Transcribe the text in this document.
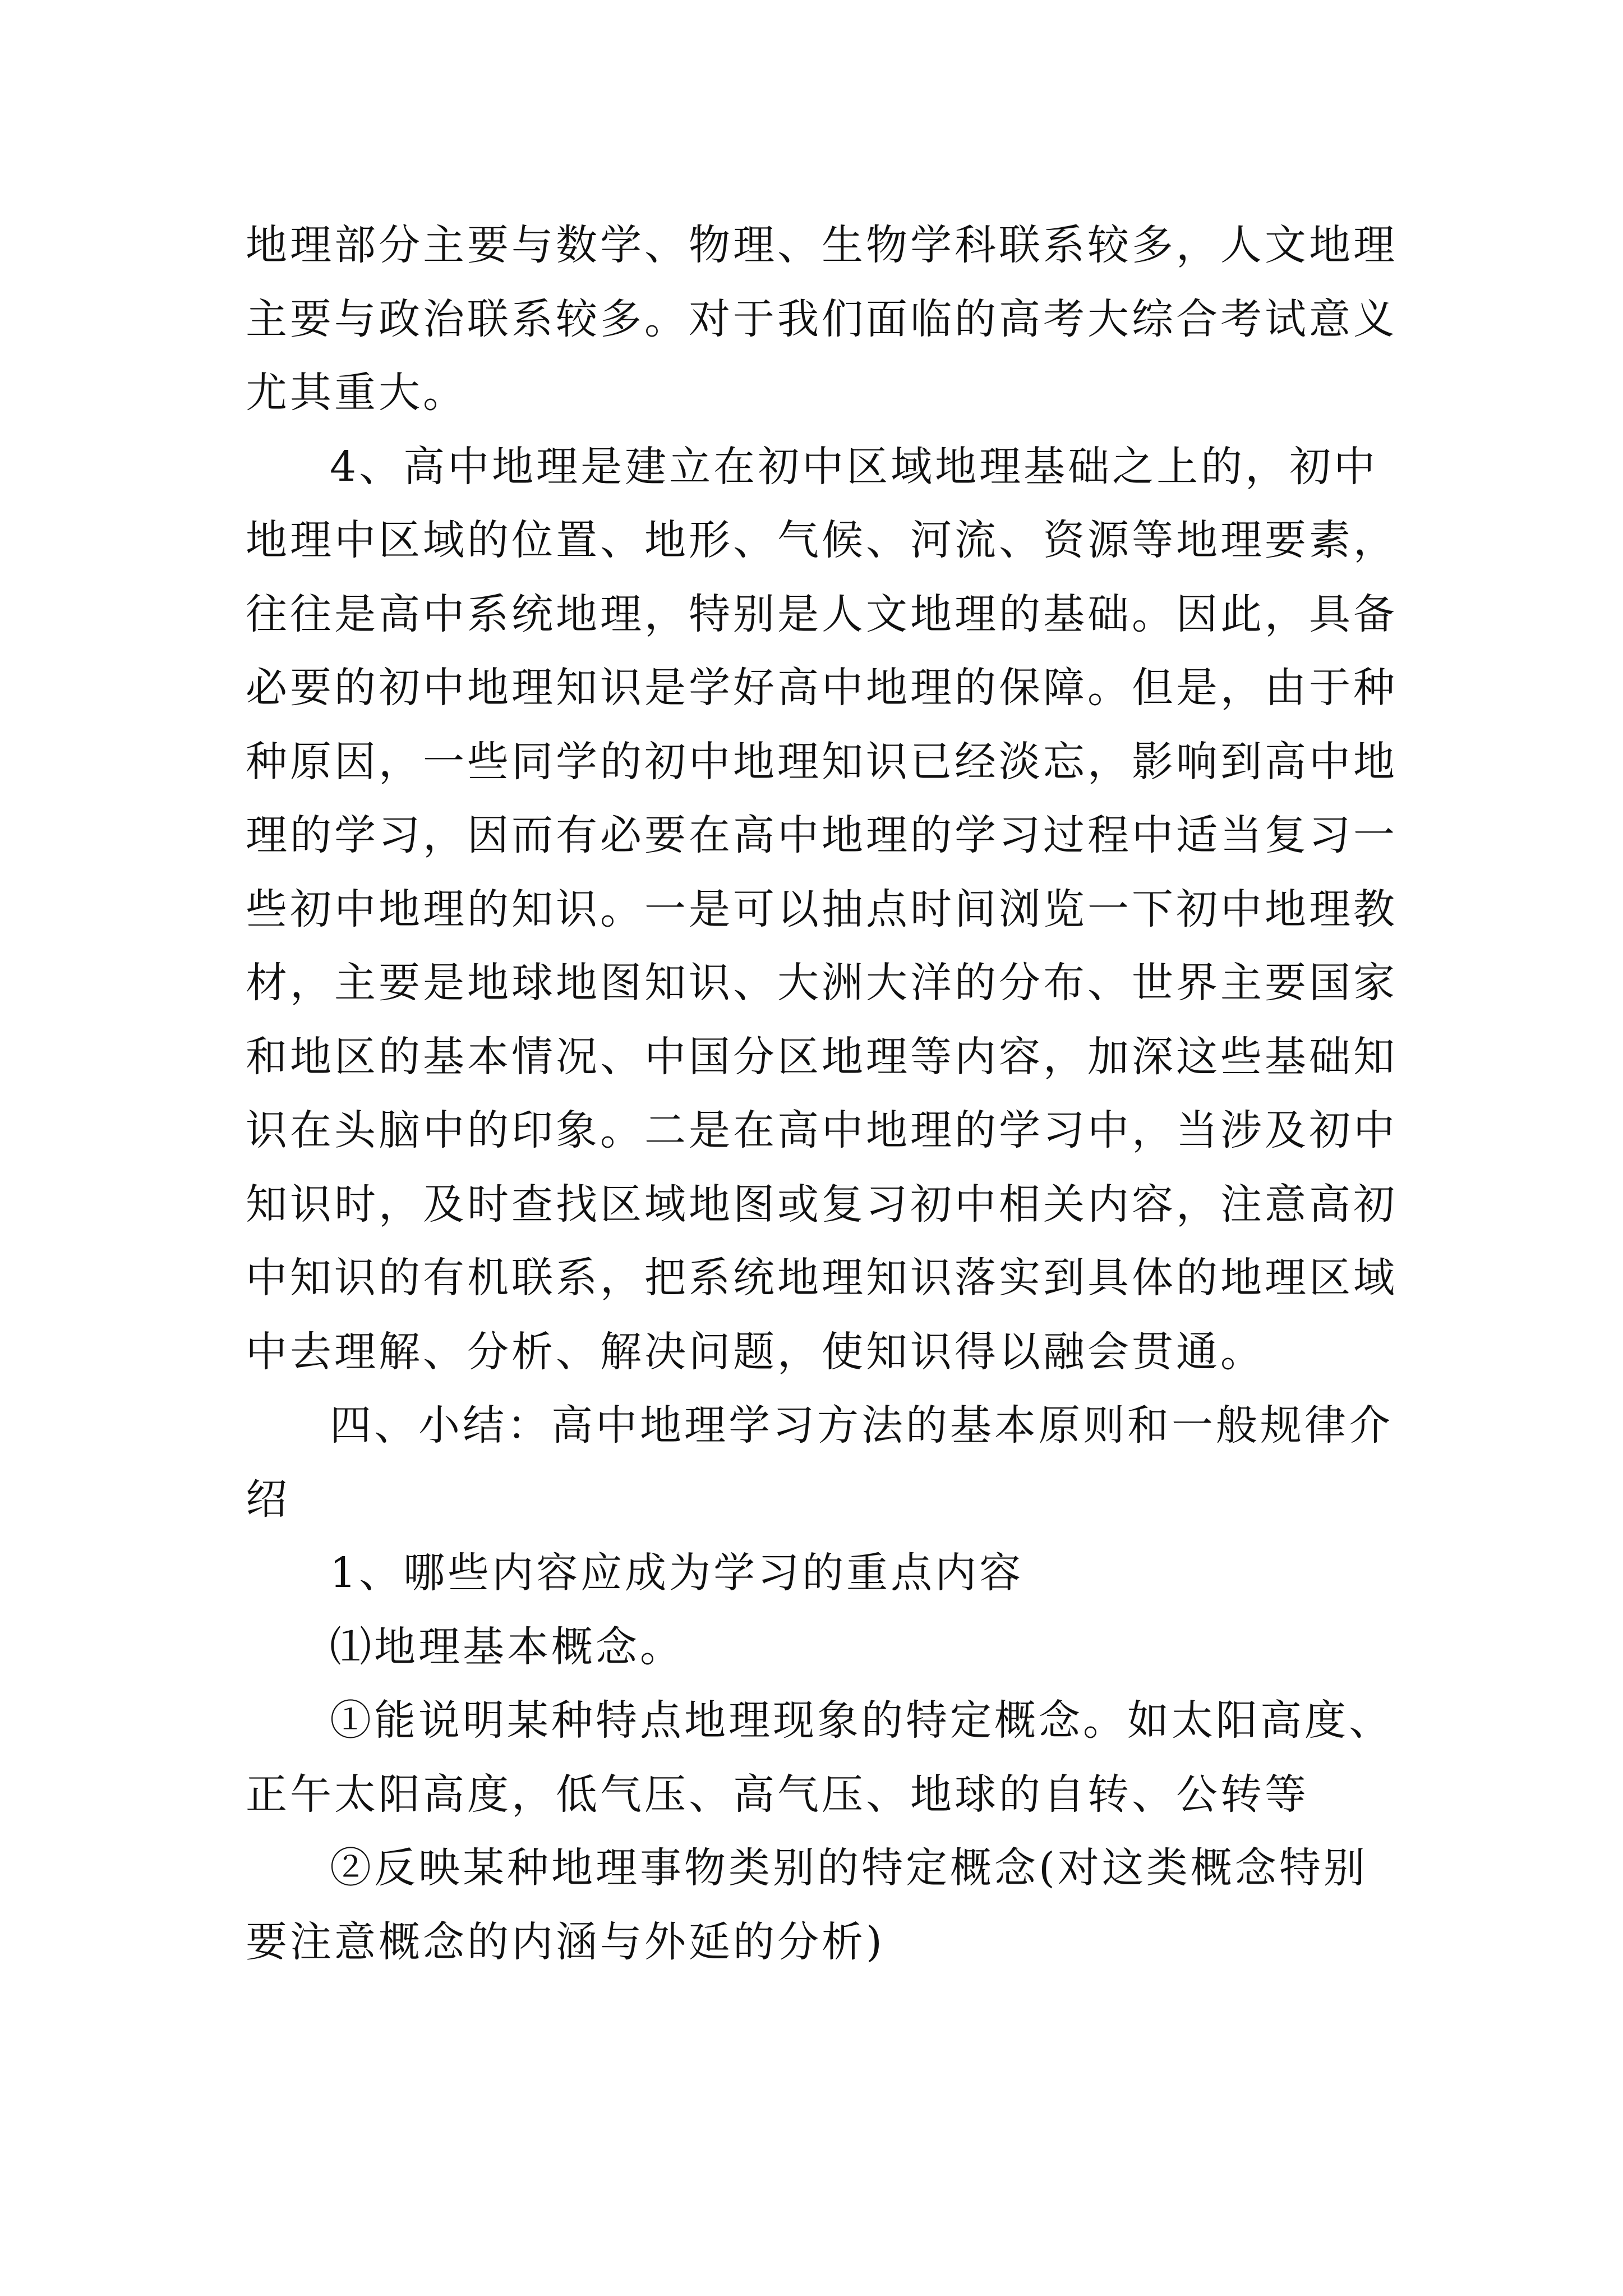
地理部分主要与数学、物理、生物学科联系较多，人文地理
主要与政治联系较多。对于我们面临的高考大综合考试意义
尤其重大。
4、高中地理是建立在初中区域地理基础之上的，初中
地理中区域的位置、地形、气候、河流、资源等地理要素，
往往是高中系统地理，特别是人文地理的基础。因此，具备
必要的初中地理知识是学好高中地理的保障。但是，由于种
种原因，一些同学的初中地理知识已经淡忘，影响到高中地
理的学习，因而有必要在高中地理的学习过程中适当复习一
些初中地理的知识。一是可以抽点时间浏览一下初中地理教
材，主要是地球地图知识、大洲大洋的分布、世界主要国家
和地区的基本情况、中国分区地理等内容，加深这些基础知
识在头脑中的印象。二是在高中地理的学习中，当涉及初中
知识时，及时查找区域地图或复习初中相关内容，注意高初
中知识的有机联系，把系统地理知识落实到具体的地理区域
中去理解、分析、解决问题，使知识得以融会贯通。
四、小结：高中地理学习方法的基本原则和一般规律介
绍
1、哪些内容应成为学习的重点内容
⑴地理基本概念。
①能说明某种特点地理现象的特定概念。如太阳高度、
正午太阳高度，低气压、高气压、地球的自转、公转等
②反映某种地理事物类别的特定概念(对这类概念特别
要注意概念的内涵与外延的分析)
